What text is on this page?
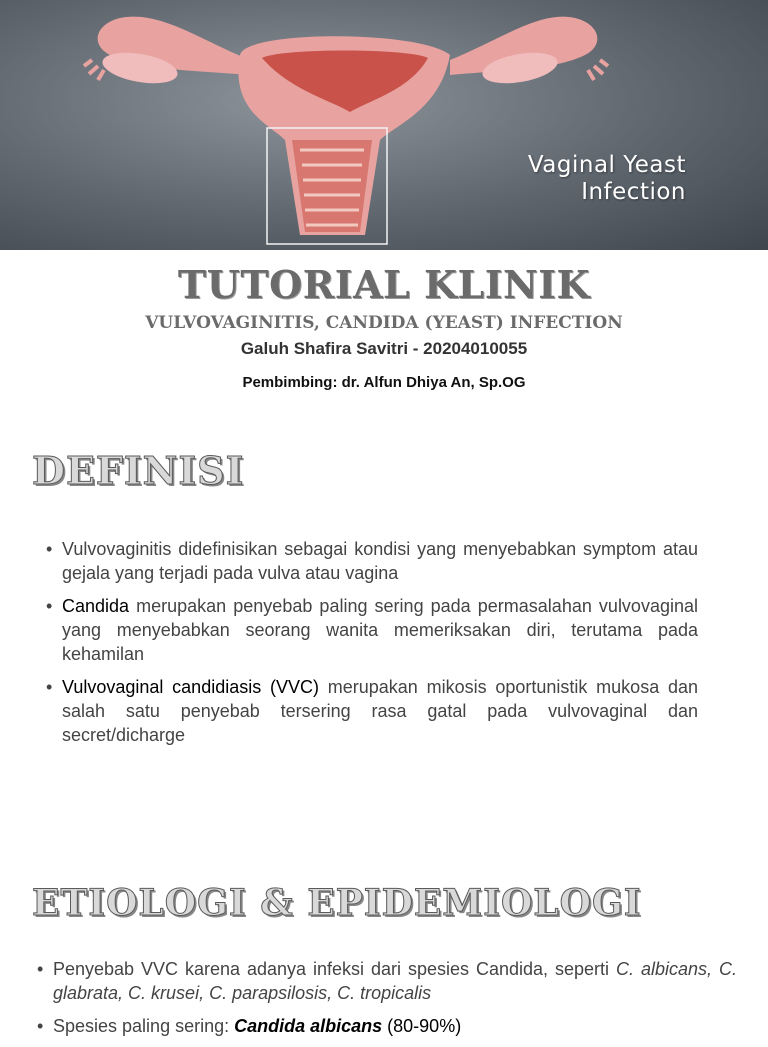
Vaginal Yeast
Infection
TUTORIAL KLINIK
VULVOVAGINITIS, CANDIDA (YEAST) INFECTION
Galuh Shafira Savitri - 20204010055
Pembimbing: dr. Alfun Dhiya An, Sp.OG
DEFINISI
• Vulvovaginitis didefinisikan sebagai kondisi yang menyebabkan symptom atau gejala yang terjadi pada vulva atau vagina
• Candida merupakan penyebab paling sering pada permasalahan vulvovaginal yang menyebabkan seorang wanita memeriksakan diri, terutama pada kehamilan
• Vulvovaginal candidiasis (VVC) merupakan mikosis oportunistik mukosa dan salah satu penyebab tersering rasa gatal pada vulvovaginal dan secret/dicharge
ETIOLOGI & EPIDEMIOLOGI
• Penyebab VVC karena adanya infeksi dari spesies Candida, seperti C. albicans, C. glabrata, C. krusei, C. parapsilosis, C. tropicalis
• Spesies paling sering: Candida albicans (80-90%)
